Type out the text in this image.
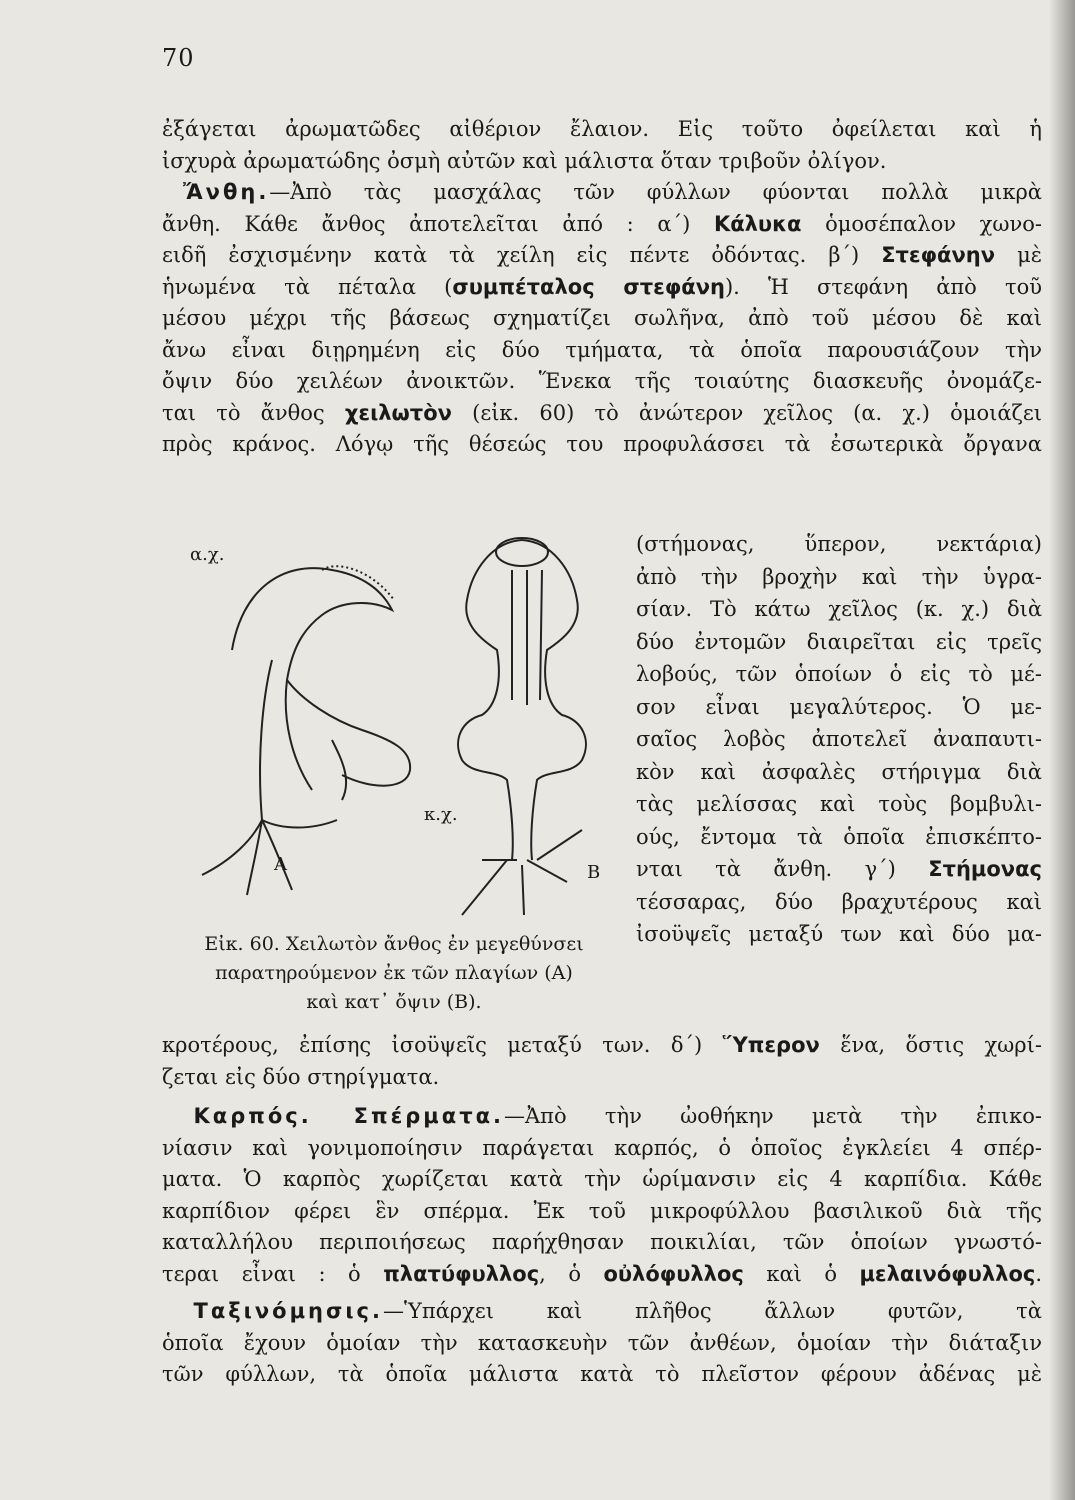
70
ἐξάγεται ἀρωματῶδες αἰθέριον ἔλαιον. Εἰς τοῦτο ὀφείλεται καὶ ἡ
ἰσχυρὰ ἀρωματώδης ὀσμὴ αὐτῶν καὶ μάλιστα ὅταν τριβοῦν ὀλίγον.
 Ἄνθη.—Ἀπὸ τὰς μασχάλας τῶν φύλλων φύονται πολλὰ μικρὰ
ἄνθη. Κάθε ἄνθος ἀποτελεῖται ἀπό : α΄) Κάλυκα ὁμοσέπαλον χωνο-
ειδῆ ἐσχισμένην κατὰ τὰ χείλη εἰς πέντε ὀδόντας. β΄) Στεφάνην μὲ
ἡνωμένα τὰ πέταλα (συμπέταλος στεφάνη). Ἡ στεφάνη ἀπὸ τοῦ
μέσου μέχρι τῆς βάσεως σχηματίζει σωλῆνα, ἀπὸ τοῦ μέσου δὲ καὶ
ἄνω εἶναι διῃρημένη εἰς δύο τμήματα, τὰ ὁποῖα παρουσιάζουν τὴν
ὄψιν δύο χειλέων ἀνοικτῶν. Ἕνεκα τῆς τοιαύτης διασκευῆς ὀνομάζε-
ται τὸ ἄνθος χειλωτὸν (εἰκ. 60) τὸ ἀνώτερον χεῖλος (α. χ.) ὁμοιάζει
πρὸς κράνος. Λόγῳ τῆς θέσεώς του προφυλάσσει τὰ ἐσωτερικὰ ὄργανα
α.χ.
κ.χ.
Α	Β
Εἰκ. 60. Χειλωτὸν ἄνθος ἐν μεγεθύνσει
παρατηρούμενον ἐκ τῶν πλαγίων (Α)
καὶ κατ᾿ ὄψιν (Β).
(στήμονας, ὕπερον, νεκτάρια)
ἀπὸ τὴν βροχὴν καὶ τὴν ὑγρα-
σίαν. Τὸ κάτω χεῖλος (κ. χ.) διὰ
δύο ἐντομῶν διαιρεῖται εἰς τρεῖς
λοβούς, τῶν ὁποίων ὁ εἰς τὸ μέ-
σον εἶναι μεγαλύτερος. Ὁ με-
σαῖος λοβὸς ἀποτελεῖ ἀναπαυτι-
κὸν καὶ ἀσφαλὲς στήριγμα διὰ
τὰς μελίσσας καὶ τοὺς βομβυλι-
ούς, ἔντομα τὰ ὁποῖα ἐπισκέπτο-
νται τὰ ἄνθη. γ΄) Στήμονας
τέσσαρας, δύο βραχυτέρους καὶ
ἰσοϋψεῖς μεταξύ των καὶ δύο μα-
κροτέρους, ἐπίσης ἰσοϋψεῖς μεταξύ των. δ΄) Ὕπερον ἕνα, ὅστις χωρί-
ζεται εἰς δύο στηρίγματα.
  Καρπός. Σπέρματα.—Ἀπὸ τὴν ὠοθήκην μετὰ τὴν ἐπικο-
νίασιν καὶ γονιμοποίησιν παράγεται καρπός, ὁ ὁποῖος ἐγκλείει 4 σπέρ-
ματα. Ὁ καρπὸς χωρίζεται κατὰ τὴν ὡρίμανσιν εἰς 4 καρπίδια. Κάθε
καρπίδιον φέρει ἓν σπέρμα. Ἐκ τοῦ μικροφύλλου βασιλικοῦ διὰ τῆς
καταλλήλου περιποιήσεως παρήχθησαν ποικιλίαι, τῶν ὁποίων γνωστό-
τεραι εἶναι : ὁ πλατύφυλλος, ὁ οὐλόφυλλος καὶ ὁ μελαινόφυλλος.
  Ταξινόμησις.—Ὑπάρχει καὶ πλῆθος ἄλλων φυτῶν, τὰ
ὁποῖα ἔχουν ὁμοίαν τὴν κατασκευὴν τῶν ἀνθέων, ὁμοίαν τὴν διάταξιν
τῶν φύλλων, τὰ ὁποῖα μάλιστα κατὰ τὸ πλεῖστον φέρουν ἀδένας μὲ
